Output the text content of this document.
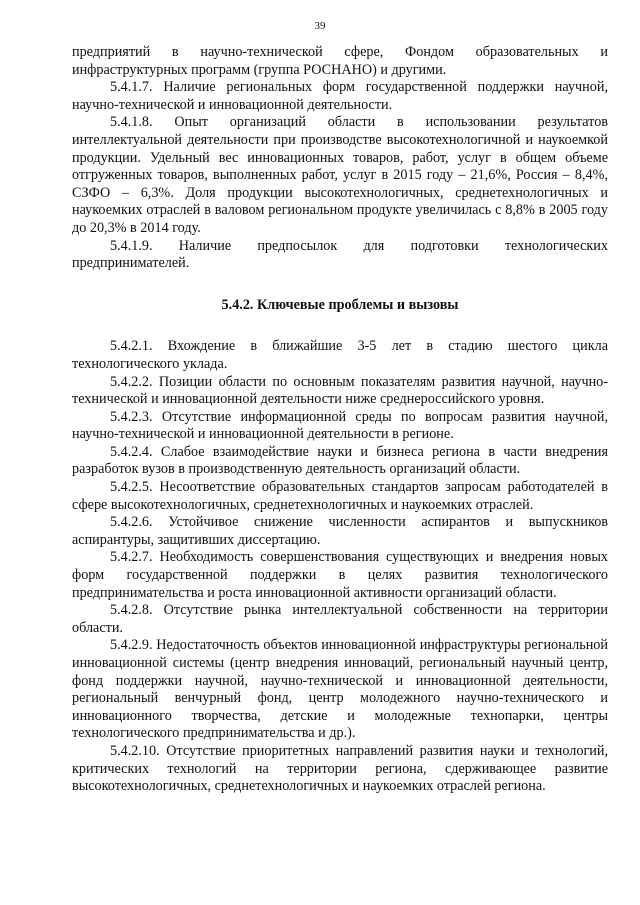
39

предприятий в научно-технической сфере, Фондом образовательных и инфраструктурных программ (группа РОСНАНО) и другими.

5.4.1.7. Наличие региональных форм государственной поддержки научной, научно-технической и инновационной деятельности.

5.4.1.8. Опыт организаций области в использовании результатов интеллектуальной деятельности при производстве высокотехнологичной и наукоемкой продукции. Удельный вес инновационных товаров, работ, услуг в общем объеме отгруженных товаров, выполненных работ, услуг в 2015 году – 21,6%, Россия – 8,4%, СЗФО – 6,3%. Доля продукции высокотехнологичных, среднетехнологичных и наукоемких отраслей в валовом региональном продукте увеличилась с 8,8% в 2005 году до 20,3% в 2014 году.

5.4.1.9. Наличие предпосылок для подготовки технологических предпринимателей.

5.4.2. Ключевые проблемы и вызовы

5.4.2.1. Вхождение в ближайшие 3-5 лет в стадию шестого цикла технологического уклада.

5.4.2.2. Позиции области по основным показателям развития научной, научно-технической и инновационной деятельности ниже среднероссийского уровня.

5.4.2.3. Отсутствие информационной среды по вопросам развития научной, научно-технической и инновационной деятельности в регионе.

5.4.2.4. Слабое взаимодействие науки и бизнеса региона в части внедрения разработок вузов в производственную деятельность организаций области.

5.4.2.5. Несоответствие образовательных стандартов запросам работодателей в сфере высокотехнологичных, среднетехнологичных и наукоемких отраслей.

5.4.2.6. Устойчивое снижение численности аспирантов и выпускников аспирантуры, защитивших диссертацию.

5.4.2.7. Необходимость совершенствования существующих и внедрения новых форм государственной поддержки в целях развития технологического предпринимательства и роста инновационной активности организаций области.

5.4.2.8. Отсутствие рынка интеллектуальной собственности на территории области.

5.4.2.9. Недостаточность объектов инновационной инфраструктуры региональной инновационной системы (центр внедрения инноваций, региональный научный центр, фонд поддержки научной, научно-технической и инновационной деятельности, региональный венчурный фонд, центр молодежного научно-технического и инновационного творчества, детские и молодежные технопарки, центры технологического предпринимательства и др.).

5.4.2.10. Отсутствие приоритетных направлений развития науки и технологий, критических технологий на территории региона, сдерживающее развитие высокотехнологичных, среднетехнологичных и наукоемких отраслей региона.
